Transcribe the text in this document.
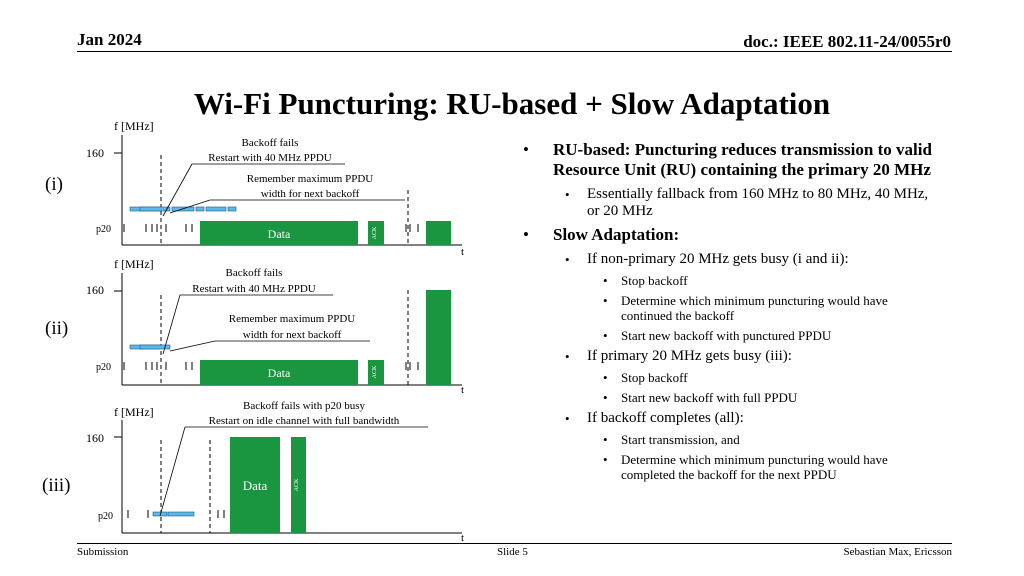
Jan 2024	doc.: IEEE 802.11-24/0055r0
Wi-Fi Puncturing: RU-based + Slow Adaptation
f [MHz]
(i)
160
p20
t
Data	ACK
Backoff fails
Restart with 40 MHz PPDU
Remember maximum PPDU
width for next backoff
f [MHz]
(ii)
160
p20
t
Data	ACK
Backoff fails
Restart with 40 MHz PPDU
Remember maximum PPDU
width for next backoff
f [MHz]
(iii)
160
p20
t
Data	ACK
Backoff fails with p20 busy
Restart on idle channel with full bandwidth
• RU-based: Puncturing reduces transmission to valid Resource Unit (RU) containing the primary 20 MHz
• Essentially fallback from 160 MHz to 80 MHz, 40 MHz, or 20 MHz
• Slow Adaptation:
• If non-primary 20 MHz gets busy (i and ii):
• Stop backoff
• Determine which minimum puncturing would have continued the backoff
• Start new backoff with punctured PPDU
• If primary 20 MHz gets busy (iii):
• Stop backoff
• Start new backoff with full PPDU
• If backoff completes (all):
• Start transmission, and
• Determine which minimum puncturing would have completed the backoff for the next PPDU
Submission	Slide 5	Sebastian Max, Ericsson
